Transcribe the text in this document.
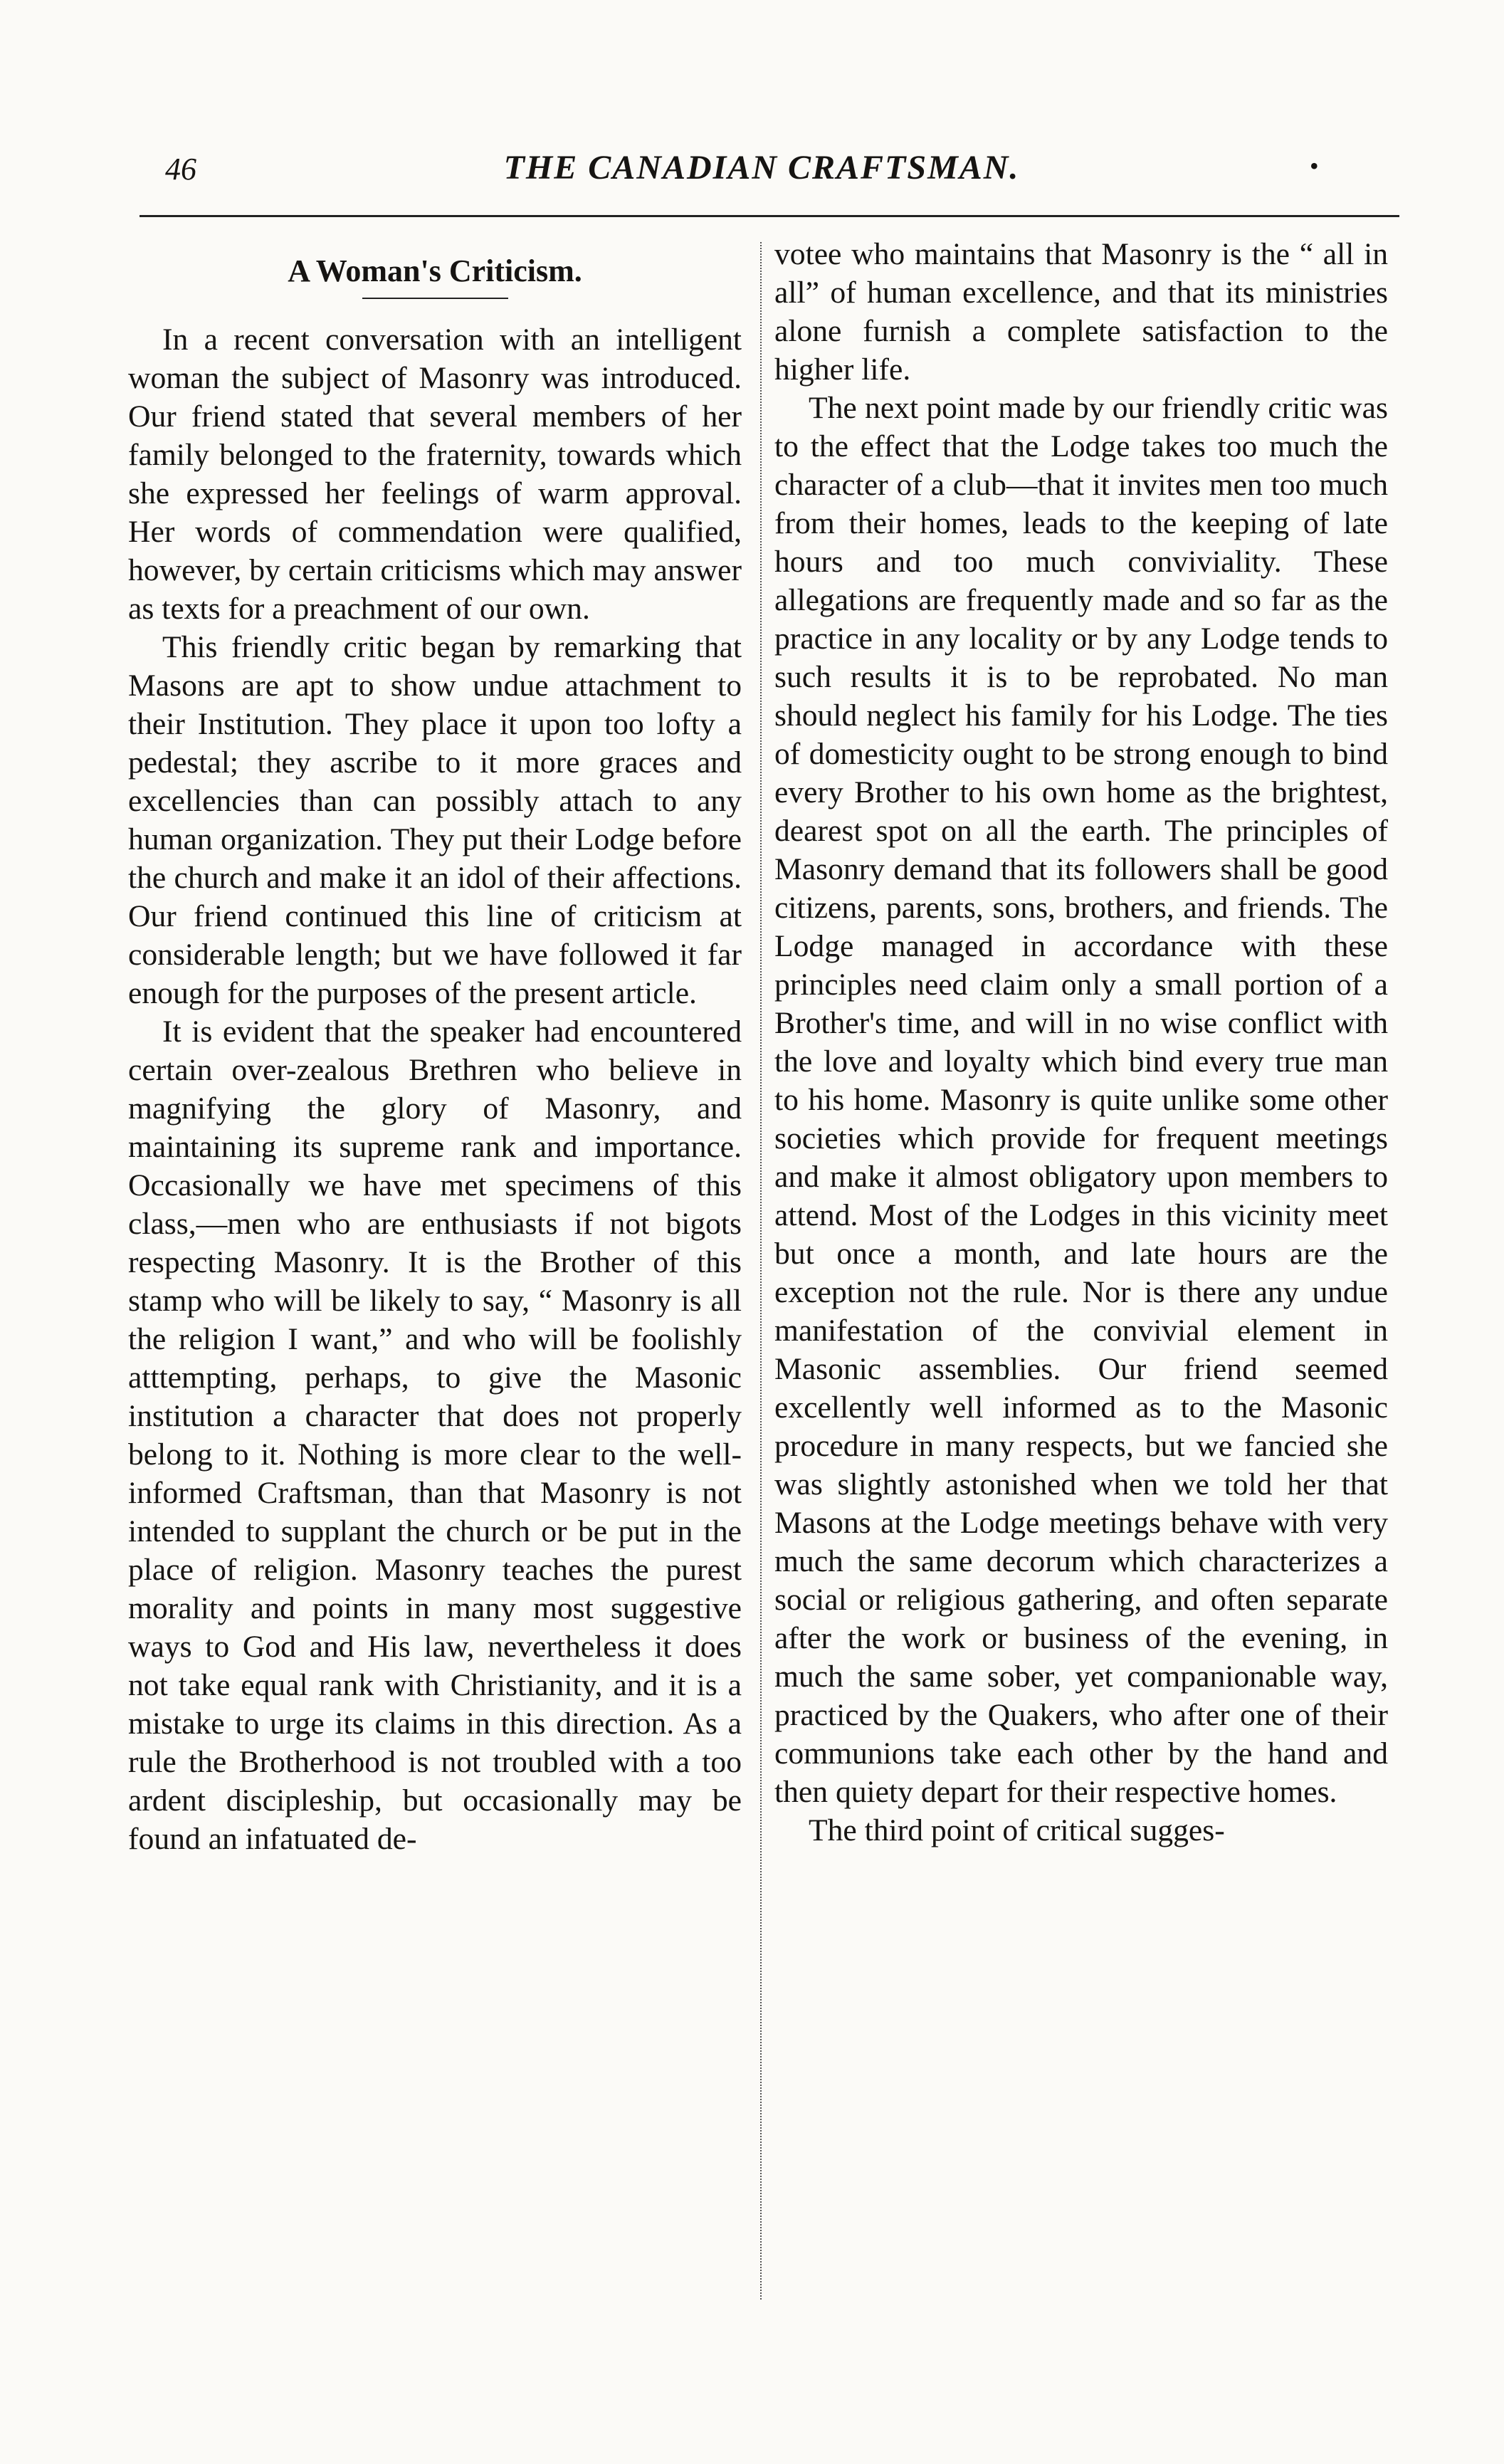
46	THE CANADIAN CRAFTSMAN.	•
A Woman's Criticism.

In a recent conversation with an intelligent woman the subject of Masonry was introduced. Our friend stated that several members of her family belonged to the fraternity, towards which she expressed her feelings of warm approval. Her words of commendation were qualified, however, by certain criticisms which may answer as texts for a preachment of our own.

This friendly critic began by remarking that Masons are apt to show undue attachment to their Institution. They place it upon too lofty a pedestal; they ascribe to it more graces and excellencies than can possibly attach to any human organization. They put their Lodge before the church and make it an idol of their affections. Our friend continued this line of criticism at considerable length; but we have followed it far enough for the purposes of the present article.

It is evident that the speaker had encountered certain over-zealous Brethren who believe in magnifying the glory of Masonry, and maintaining its supreme rank and importance. Occasionally we have met specimens of this class,—men who are enthusiasts if not bigots respecting Masonry. It is the Brother of this stamp who will be likely to say, “ Masonry is all the religion I want,” and who will be foolishly atttempting, perhaps, to give the Masonic institution a character that does not properly belong to it. Nothing is more clear to the well-informed Craftsman, than that Masonry is not intended to supplant the church or be put in the place of religion. Masonry teaches the purest morality and points in many most suggestive ways to God and His law, nevertheless it does not take equal rank with Christianity, and it is a mistake to urge its claims in this direction. As a rule the Brotherhood is not troubled with a too ardent discipleship, but occasionally may be found an infatuated de-

votee who maintains that Masonry is the “ all in all” of human excellence, and that its ministries alone furnish a complete satisfaction to the higher life.

The next point made by our friendly critic was to the effect that the Lodge takes too much the character of a club—that it invites men too much from their homes, leads to the keeping of late hours and too much conviviality. These allegations are frequently made and so far as the practice in any locality or by any Lodge tends to such results it is to be reprobated. No man should neglect his family for his Lodge. The ties of domesticity ought to be strong enough to bind every Brother to his own home as the brightest, dearest spot on all the earth. The principles of Masonry demand that its followers shall be good citizens, parents, sons, brothers, and friends. The Lodge managed in accordance with these principles need claim only a small portion of a Brother's time, and will in no wise conflict with the love and loyalty which bind every true man to his home. Masonry is quite unlike some other societies which provide for frequent meetings and make it almost obligatory upon members to attend. Most of the Lodges in this vicinity meet but once a month, and late hours are the exception not the rule. Nor is there any undue manifestation of the convivial element in Masonic assemblies. Our friend seemed excellently well informed as to the Masonic procedure in many respects, but we fancied she was slightly astonished when we told her that Masons at the Lodge meetings behave with very much the same decorum which characterizes a social or religious gathering, and often separate after the work or business of the evening, in much the same sober, yet companionable way, practiced by the Quakers, who after one of their communions take each other by the hand and then quiety depart for their respective homes.

The third point of critical sugges-
